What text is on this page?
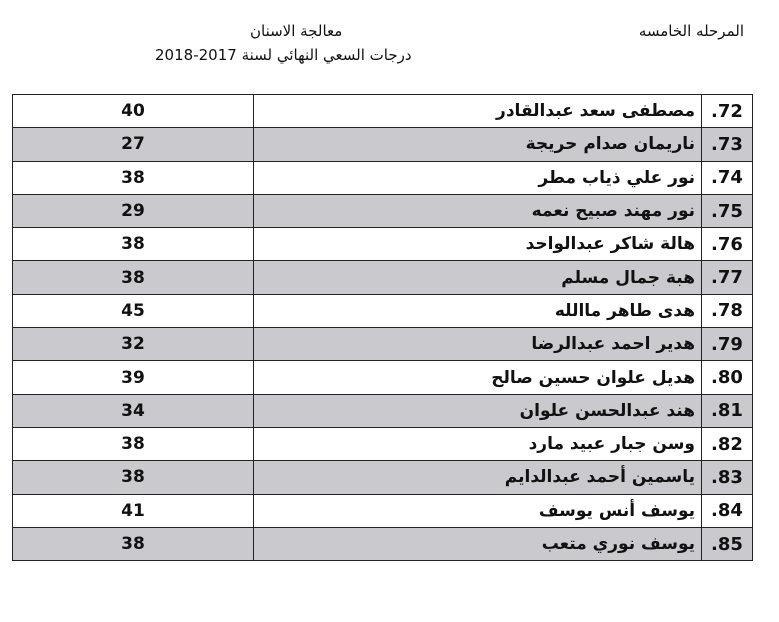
المرحله الخامسه
معالجة الاسنان
درجات السعي النهائي لسنة 2017-2018
40	مصطفى سعد عبدالقادر	.72
27	ناريمان صدام حريجة	.73
38	نور علي ذياب مطر	.74
29	نور مهند صبيح نعمه	.75
38	هالة شاكر عبدالواحد	.76
38	هبة جمال مسلم	.77
45	هدى طاهر ماالله	.78
32	هدير احمد عبدالرضا	.79
39	هديل علوان حسين صالح	.80
34	هند عبدالحسن علوان	.81
38	وسن جبار عبيد مارد	.82
38	ياسمين أحمد عبدالدايم	.83
41	يوسف أنس يوسف	.84
38	يوسف نوري متعب	.85
